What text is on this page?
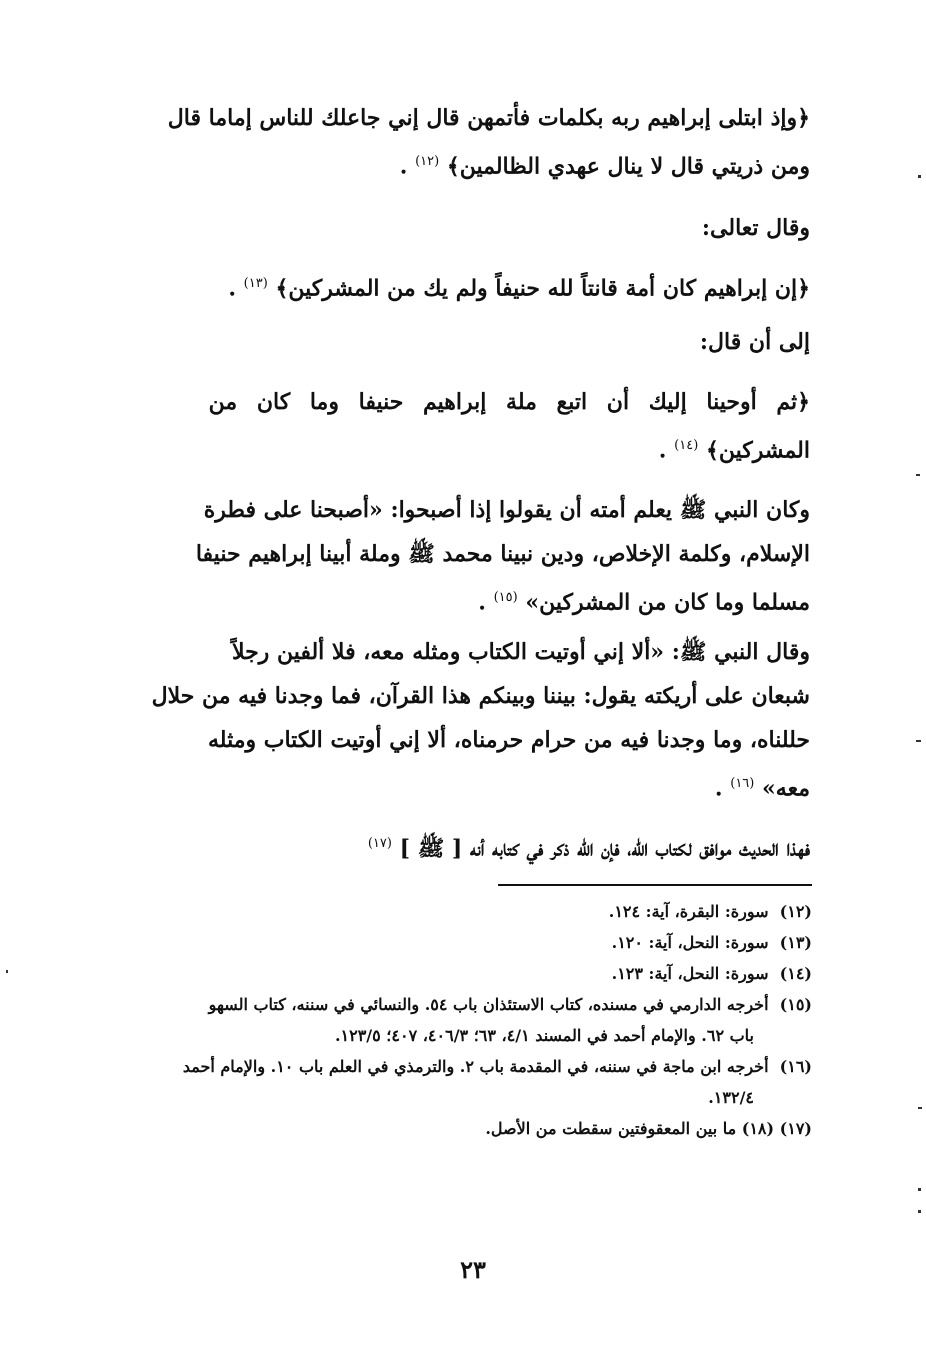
﴿وإذ ابتلى إبراهيم ربه بكلمات فأتمهن قال إني جاعلك للناس إماما قال
ومن ذريتي قال لا ينال عهدي الظالمين﴾ $^{(١٢)}$ .
وقال تعالى:
﴿إن إبراهيم كان أمة قانتاً لله حنيفاً ولم يك من المشركين﴾ $^{(١٣)}$ .
إلى أن قال:
﴿ثم أوحينا إليك أن اتبع ملة إبراهيم حنيفا وما كان من
المشركين﴾ $^{(١٤)}$ .
وكان النبي ﷺ يعلم أمته أن يقولوا إذا أصبحوا: «أصبحنا على فطرة
الإسلام، وكلمة الإخلاص، ودين نبينا محمد ﷺ وملة أبينا إبراهيم حنيفا
مسلما وما كان من المشركين» $^{(١٥)}$ .
وقال النبي ﷺ: «ألا إني أوتيت الكتاب ومثله معه، فلا ألفين رجلاً
شبعان على أريكته يقول: بيننا وبينكم هذا القرآن، فما وجدنا فيه من حلال
حللناه، وما وجدنا فيه من حرام حرمناه، ألا إني أوتيت الكتاب ومثله
معه» $^{(١٦)}$ .
فهذا الحديث موافق لكتاب الله، فإن الله ذكر في كتابه أنه [ ﷺ ] $^{(١٧)}$
(١٢)  سورة: البقرة، آية: ١٢٤.
(١٣)  سورة: النحل، آية: ١٢٠.
(١٤)  سورة: النحل، آية: ١٢٣.
(١٥)  أخرجه الدارمي في مسنده، كتاب الاستئذان باب ٥٤. والنسائي في سننه، كتاب السهو
باب ٦٢. والإمام أحمد في المسند ٤/١، ٦٣؛ ٤٠٦/٣، ٤٠٧؛ ١٢٣/٥.
(١٦)  أخرجه ابن ماجة في سننه، في المقدمة باب ٢. والترمذي في العلم باب ١٠. والإمام أحمد
١٣٢/٤.
(١٧) (١٨) ما بين المعقوفتين سقطت من الأصل.
٢٣
